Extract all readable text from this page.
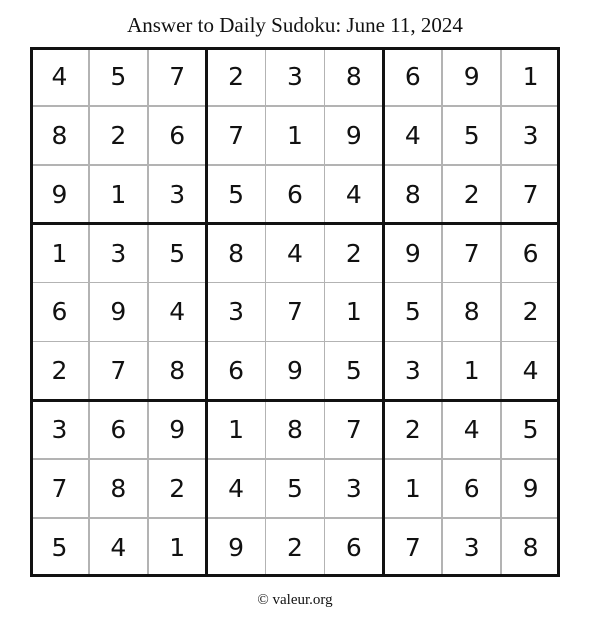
Answer to Daily Sudoku: June 11, 2024
4	5	7	2	3	8	6	9	1
8	2	6	7	1	9	4	5	3
9	1	3	5	6	4	8	2	7
1	3	5	8	4	2	9	7	6
6	9	4	3	7	1	5	8	2
2	7	8	6	9	5	3	1	4
3	6	9	1	8	7	2	4	5
7	8	2	4	5	3	1	6	9
5	4	1	9	2	6	7	3	8
© valeur.org
